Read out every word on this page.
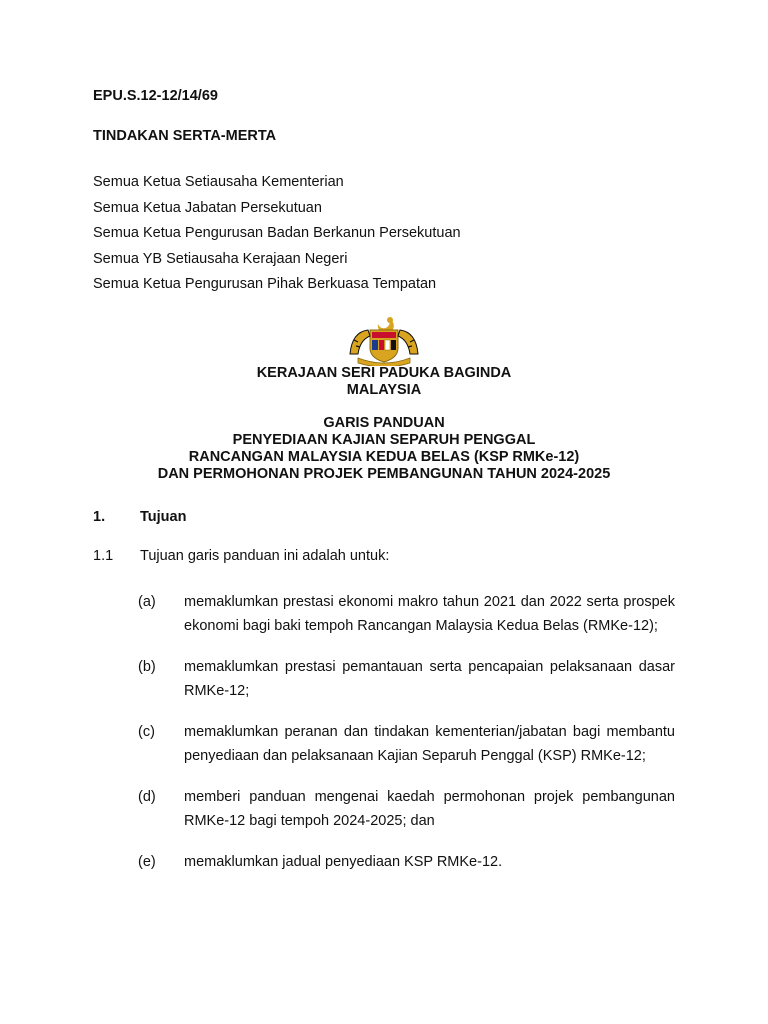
EPU.S.12-12/14/69
TINDAKAN SERTA-MERTA
Semua Ketua Setiausaha Kementerian
Semua Ketua Jabatan Persekutuan
Semua Ketua Pengurusan Badan Berkanun Persekutuan
Semua YB Setiausaha Kerajaan Negeri
Semua Ketua Pengurusan Pihak Berkuasa Tempatan
KERAJAAN SERI PADUKA BAGINDA
MALAYSIA
GARIS PANDUAN
PENYEDIAAN KAJIAN SEPARUH PENGGAL
RANCANGAN MALAYSIA KEDUA BELAS (KSP RMKe-12)
DAN PERMOHONAN PROJEK PEMBANGUNAN TAHUN 2024-2025
1. Tujuan
1.1 Tujuan garis panduan ini adalah untuk:
(a)	memaklumkan prestasi ekonomi makro tahun 2021 dan 2022 serta prospek ekonomi bagi baki tempoh Rancangan Malaysia Kedua Belas (RMKe-12);
(b)	memaklumkan prestasi pemantauan serta pencapaian pelaksanaan dasar RMKe-12;
(c)	memaklumkan peranan dan tindakan kementerian/jabatan bagi membantu penyediaan dan pelaksanaan Kajian Separuh Penggal (KSP) RMKe-12;
(d)	memberi panduan mengenai kaedah permohonan projek pembangunan RMKe-12 bagi tempoh 2024-2025; dan
(e)	memaklumkan jadual penyediaan KSP RMKe-12.
